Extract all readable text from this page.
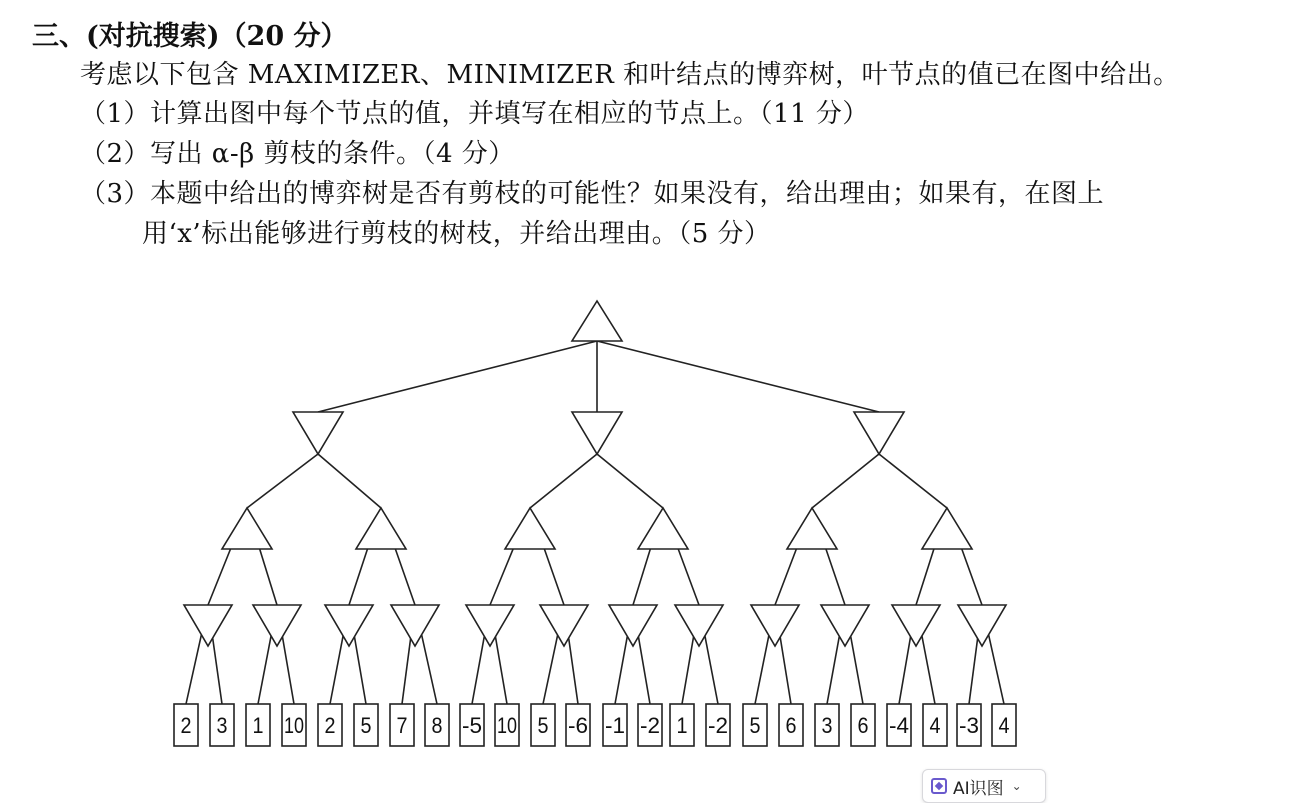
三、(对抗搜索)（20 分）
考虑以下包含 MAXIMIZER、MINIMIZER 和叶结点的博弈树，叶节点的值已在图中给出。
（1）计算出图中每个节点的值，并填写在相应的节点上。（11 分）
（2）写出 α-β 剪枝的条件。（4 分）
（3）本题中给出的博弈树是否有剪枝的可能性？如果没有，给出理由；如果有，在图上
用‘x’标出能够进行剪枝的树枝，并给出理由。（5 分）
2 3 1 10 2 5 7 8 -5 10 5 -6 -1 -2 1 -2 5 6 3 6 -4 4 -3 4
AI识图 ⌄
